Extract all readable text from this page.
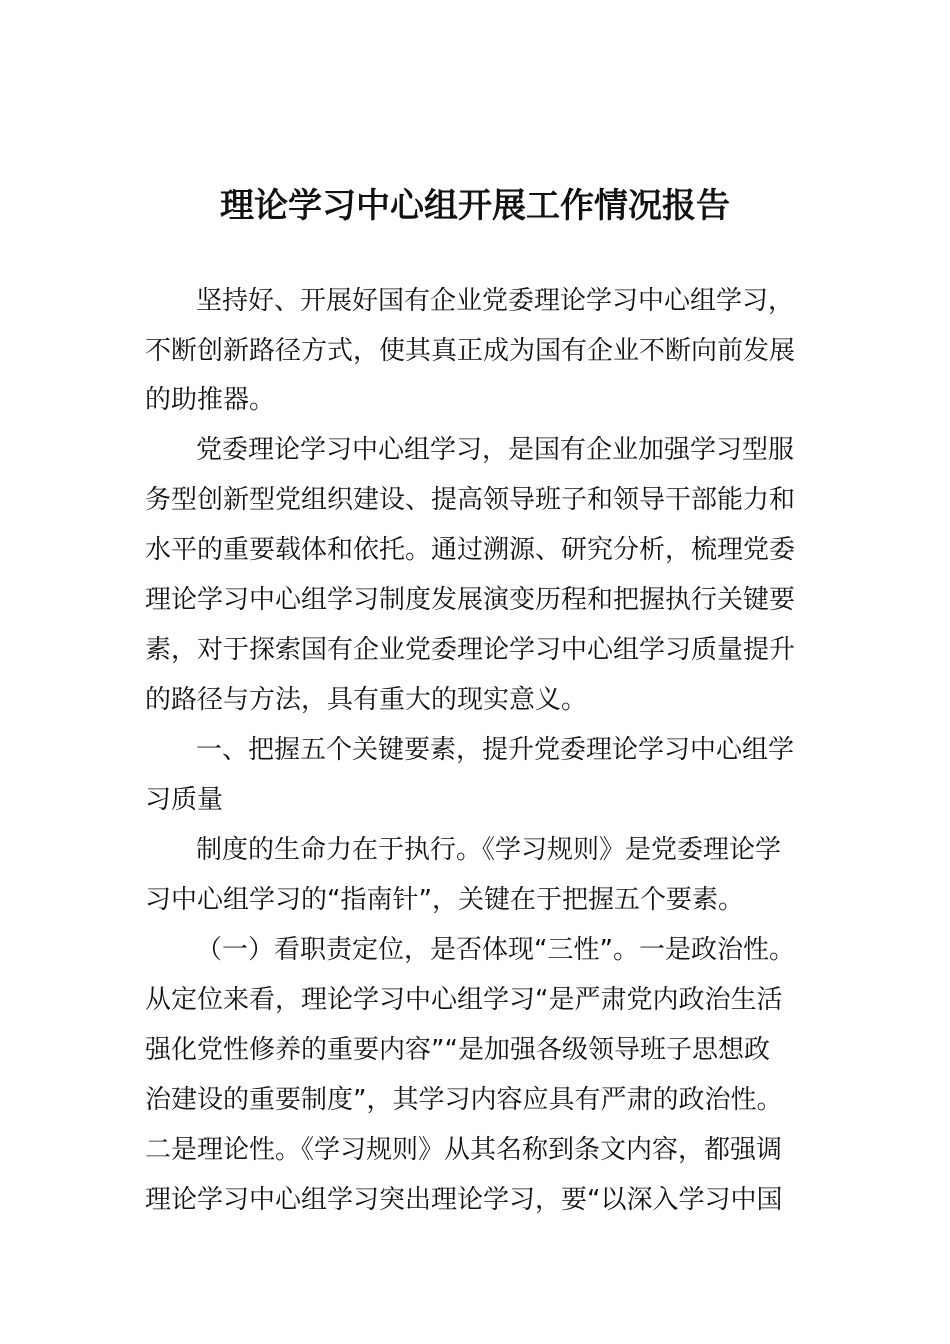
理论学习中心组开展工作情况报告
坚持好、开展好国有企业党委理论学习中心组学习，
不断创新路径方式，使其真正成为国有企业不断向前发展
的助推器。
党委理论学习中心组学习，是国有企业加强学习型服
务型创新型党组织建设、提高领导班子和领导干部能力和
水平的重要载体和依托。通过溯源、研究分析，梳理党委
理论学习中心组学习制度发展演变历程和把握执行关键要
素，对于探索国有企业党委理论学习中心组学习质量提升
的路径与方法，具有重大的现实意义。
一、把握五个关键要素，提升党委理论学习中心组学
习质量
制度的生命力在于执行。《学习规则》是党委理论学
习中心组学习的“指南针”，关键在于把握五个要素。
（一）看职责定位，是否体现“三性”。一是政治性。
从定位来看，理论学习中心组学习“是严肃党内政治生活
强化党性修养的重要内容”“是加强各级领导班子思想政
治建设的重要制度”，其学习内容应具有严肃的政治性。
二是理论性。《学习规则》从其名称到条文内容，都强调
理论学习中心组学习突出理论学习，要“以深入学习中国
